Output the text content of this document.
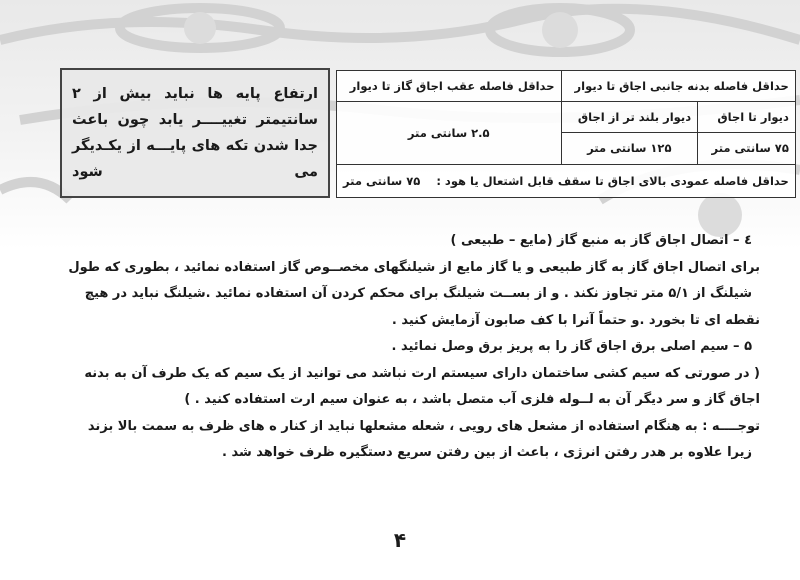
ارتفاع پایه ها نباید بیش از ۲ سانتیمتر تغییــــر یابد چون باعث جدا شدن تکه های پایـــه از یکـدیگر می شود
حداقل فاصله بدنه جانبی اجاق تا دیوار		حداقل فاصله عقب اجاق گاز تا دیوار
دیوار تا اجاق	دیوار بلند تر از اجاق	۲.۵ سانتی متر
۷۵ سانتی متر	۱۲۵ سانتی متر	
حداقل فاصله عمودی بالای اجاق تا سقف قابل اشتعال یا هود :    ۷۵ سانتی متر		

٤ – اتصال اجاق گاز به منبع گاز (مایع – طبیعی )

برای اتصال اجاق گاز به گاز طبیعی و یا گاز مایع از شیلنگهای مخصــوص گاز استفاده نمائید ، بطوری که طول

شیلنگ از ۵/۱ متر تجاوز نکند . و از بســت شیلنگ برای محکم کردن آن استفاده نمائید .شیلنگ نباید در هیچ

نقطه ای تا بخورد .و حتماً آنرا با کف صابون آزمایش کنید .

۵ – سیم اصلی برق اجاق گاز را به پریز برق وصل نمائید .

( در صورتی که سیم کشی ساختمان دارای سیستم ارت نباشد می توانید از یک سیم که یک طرف آن به بدنه

اجاق گاز و سر دیگر آن به لــوله فلزی آب متصل باشد ، به عنوان سیم ارت استفاده کنید . )

توجــــه : به هنگام استفاده از مشعل های رویی ، شعله مشعلها نباید از کنار ه های ظرف به سمت بالا بزند

زیرا علاوه بر هدر رفتن انرژی ، باعث از بین رفتن سریع دستگیره ظرف خواهد شد .

۴
